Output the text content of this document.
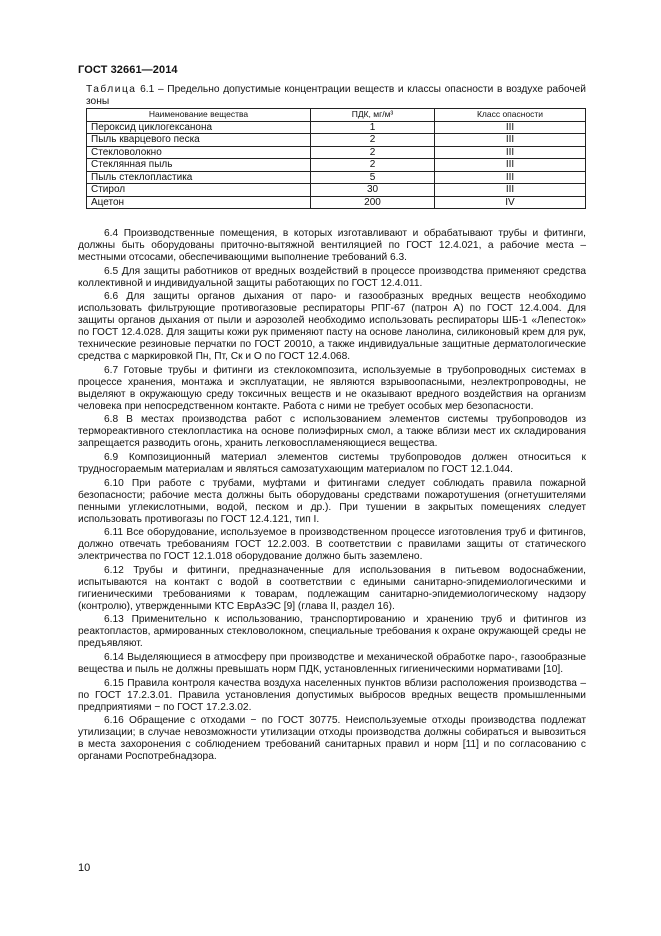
ГОСТ 32661—2014
Таблица 6.1 – Предельно допустимые концентрации веществ и классы опасности в воздухе рабочей зоны
Наименование вещества	ПДК, мг/м³	Класс опасности
Пероксид циклогексанона	1	III
Пыль кварцевого песка	2	III
Стекловолокно	2	III
Стеклянная пыль	2	III
Пыль стеклопластика	5	III
Стирол	30	III
Ацетон	200	IV

6.4 Производственные помещения, в которых изготавливают и обрабатывают трубы и фитинги, должны быть оборудованы приточно-вытяжной вентиляцией по ГОСТ 12.4.021, а рабочие места – местными отсосами, обеспечивающими выполнение требований 6.3.

6.5 Для защиты работников от вредных воздействий в процессе производства применяют средства коллективной и индивидуальной защиты работающих по ГОСТ 12.4.011.

6.6 Для защиты органов дыхания от паро- и газообразных вредных веществ необходимо использовать фильтрующие противогазовые респираторы РПГ-67 (патрон А) по ГОСТ 12.4.004. Для защиты органов дыхания от пыли и аэрозолей необходимо использовать респираторы ШБ-1 «Лепесток» по ГОСТ 12.4.028. Для защиты кожи рук применяют пасту на основе ланолина, силиконовый крем для рук, технические резиновые перчатки по ГОСТ 20010, а также индивидуальные защитные дерматологические средства с маркировкой Пн, Пт, Ск и О по ГОСТ 12.4.068.

6.7 Готовые трубы и фитинги из стеклокомпозита, используемые в трубопроводных системах в процессе хранения, монтажа и эксплуатации, не являются взрывоопасными, неэлектропроводны, не выделяют в окружающую среду токсичных веществ и не оказывают вредного воздействия на организм человека при непосредственном контакте. Работа с ними не требует особых мер безопасности.

6.8 В местах производства работ с использованием элементов системы трубопроводов из термореактивного стеклопластика на основе полиэфирных смол, а также вблизи мест их складирования запрещается разводить огонь, хранить легковоспламеняющиеся вещества.

6.9 Композиционный материал элементов системы трубопроводов должен относиться к трудносгораемым материалам и являться самозатухающим материалом по ГОСТ 12.1.044.

6.10 При работе с трубами, муфтами и фитингами следует соблюдать правила пожарной безопасности; рабочие места должны быть оборудованы средствами пожаротушения (огнетушителями пенными углекислотными, водой, песком и др.). При тушении в закрытых помещениях следует использовать противогазы по ГОСТ 12.4.121, тип I.

6.11 Все оборудование, используемое в производственном процессе изготовления труб и фитингов, должно отвечать требованиям ГОСТ 12.2.003. В соответствии с правилами защиты от статического электричества по ГОСТ 12.1.018 оборудование должно быть заземлено.

6.12 Трубы и фитинги, предназначенные для использования в питьевом водоснабжении, испытываются на контакт с водой в соответствии с едиными санитарно-эпидемиологическими и гигиеническими требованиями к товарам, подлежащим санитарно-эпидемиологическому надзору (контролю), утвержденными КТС ЕврАзЭС [9] (глава II, раздел 16).

6.13 Применительно к использованию, транспортированию и хранению труб и фитингов из реактопластов, армированных стекловолокном, специальные требования к охране окружающей среды не предъявляют.

6.14 Выделяющиеся в атмосферу при производстве и механической обработке паро-, газообразные вещества и пыль не должны превышать норм ПДК, установленных гигиеническими нормативами [10].

6.15 Правила контроля качества воздуха населенных пунктов вблизи расположения производства – по ГОСТ 17.2.3.01. Правила установления допустимых выбросов вредных веществ промышленными предприятиями − по ГОСТ 17.2.3.02.

6.16 Обращение с отходами − по ГОСТ 30775. Неиспользуемые отходы производства подлежат утилизации; в случае невозможности утилизации отходы производства должны собираться и вывозиться в места захоронения с соблюдением требований санитарных правил и норм [11] и по согласованию с органами Роспотребнадзора.

10
